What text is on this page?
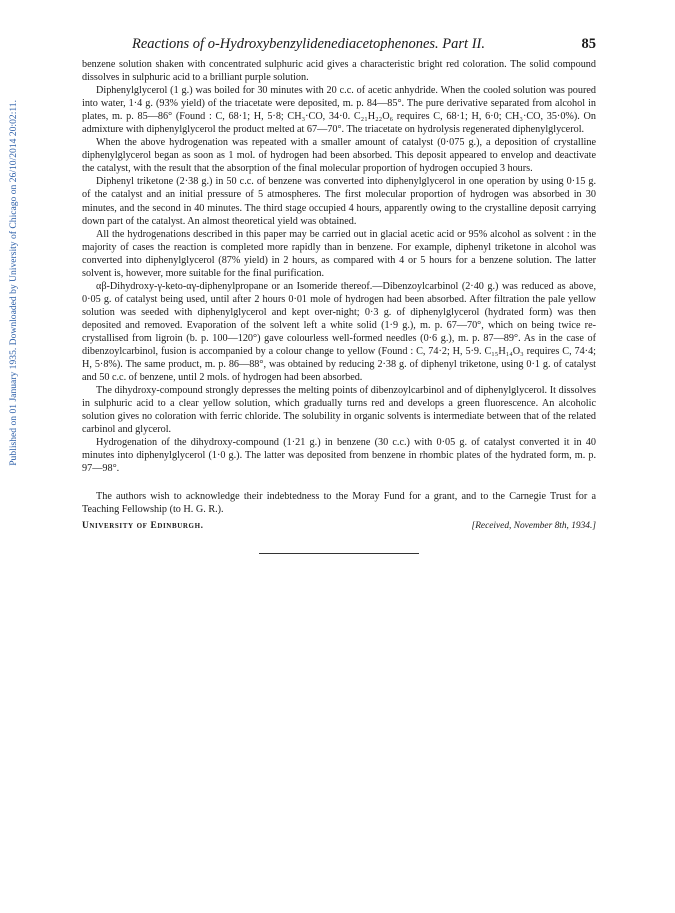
Published on 01 January 1935. Downloaded by University of Chicago on 26/10/2014 20:02:11.
Reactions of o-Hydroxybenzylidenediacetophenones. Part II.	85

benzene solution shaken with concentrated sulphuric acid gives a characteristic bright red coloration. The solid compound dissolves in sulphuric acid to a brilliant purple solution.

Diphenylglycerol (1 g.) was boiled for 30 minutes with 20 c.c. of acetic anhydride. When the cooled solution was poured into water, 1·4 g. (93% yield) of the triacetate were deposited, m. p. 84—85°. The pure derivative separated from alcohol in plates, m. p. 85—86° (Found : C, 68·1; H, 5·8; CH₃·CO, 34·0. C₂₁H₂₂O₆ requires C, 68·1; H, 6·0; CH₃·CO, 35·0%). On admixture with diphenylglycerol the product melted at 67—70°. The triacetate on hydrolysis regenerated diphenylglycerol.

When the above hydrogenation was repeated with a smaller amount of catalyst (0·075 g.), a deposition of crystalline diphenylglycerol began as soon as 1 mol. of hydrogen had been absorbed. This deposit appeared to envelop and deactivate the catalyst, with the result that the absorption of the final molecular proportion of hydrogen occupied 3 hours.

Diphenyl triketone (2·38 g.) in 50 c.c. of benzene was converted into diphenylglycerol in one operation by using 0·15 g. of the catalyst and an initial pressure of 5 atmospheres. The first molecular proportion of hydrogen was absorbed in 30 minutes, and the second in 40 minutes. The third stage occupied 4 hours, apparently owing to the crystalline deposit carrying down part of the catalyst. An almost theoretical yield was obtained.

All the hydrogenations described in this paper may be carried out in glacial acetic acid or 95% alcohol as solvent : in the majority of cases the reaction is completed more rapidly than in benzene. For example, diphenyl triketone in alcohol was converted into diphenylglycerol (87% yield) in 2 hours, as compared with 4 or 5 hours for a benzene solution. The latter solvent is, however, more suitable for the final purification.

αβ-Dihydroxy-γ-keto-αγ-diphenylpropane or an Isomeride thereof.—Dibenzoylcarbinol (2·40 g.) was reduced as above, 0·05 g. of catalyst being used, until after 2 hours 0·01 mole of hydrogen had been absorbed. After filtration the pale yellow solution was seeded with diphenylglycerol and kept over-night; 0·3 g. of diphenylglycerol (hydrated form) was then deposited and removed. Evaporation of the solvent left a white solid (1·9 g.), m. p. 67—70°, which on being twice re-crystallised from ligroin (b. p. 100—120°) gave colourless well-formed needles (0·6 g.), m. p. 87—89°. As in the case of dibenzoylcarbinol, fusion is accompanied by a colour change to yellow (Found : C, 74·2; H, 5·9. C₁₅H₁₄O₃ requires C, 74·4; H, 5·8%). The same product, m. p. 86—88°, was obtained by reducing 2·38 g. of diphenyl triketone, using 0·1 g. of catalyst and 50 c.c. of benzene, until 2 mols. of hydrogen had been absorbed.

The dihydroxy-compound strongly depresses the melting points of dibenzoylcarbinol and of diphenylglycerol. It dissolves in sulphuric acid to a clear yellow solution, which gradually turns red and develops a green fluorescence. An alcoholic solution gives no coloration with ferric chloride. The solubility in organic solvents is intermediate between that of the related carbinol and glycerol.

Hydrogenation of the dihydroxy-compound (1·21 g.) in benzene (30 c.c.) with 0·05 g. of catalyst converted it in 40 minutes into diphenylglycerol (1·0 g.). The latter was deposited from benzene in rhombic plates of the hydrated form, m. p. 97—98°.

The authors wish to acknowledge their indebtedness to the Moray Fund for a grant, and to the Carnegie Trust for a Teaching Fellowship (to H. G. R.).

University of Edinburgh.	[Received, November 8th, 1934.]
